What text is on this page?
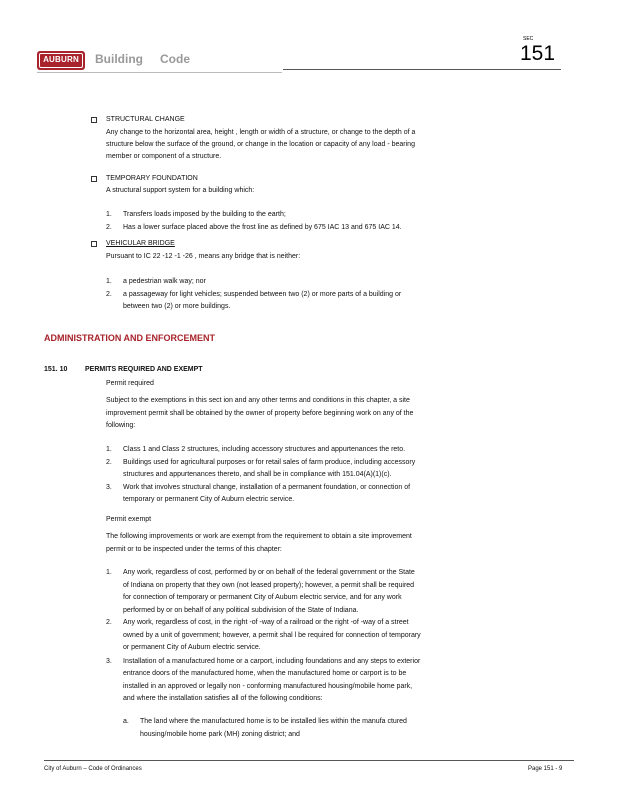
AUBURN	Building Code
SEC
151
STRUCTURAL CHANGE
Any change to the horizontal area, height , length or width of a structure, or change to the depth of a
structure below the surface of the ground, or change in the location or capacity of any load - bearing
member or component of a structure.
TEMPORARY FOUNDATION
A structural support system for a building which:
1. Transfers loads imposed by the building to the earth;
2. Has a lower surface placed above the frost line as defined by 675 IAC 13 and 675 IAC 14.
VEHICULAR BRIDGE
Pursuant to IC 22 -12 -1 -26 , means any bridge that is neither:
1. a pedestrian walk way; nor
2. a passageway for light vehicles; suspended between two (2) or more parts of a building or
between two (2) or more buildings.
ADMINISTRATION AND ENFORCEMENT
151. 10	PERMITS REQUIRED AND EXEMPT
Permit required
Subject to the exemptions in this sect ion and any other terms and conditions in this chapter, a site
improvement permit shall be obtained by the owner of property before beginning work on any of the
following:
1. Class 1 and Class 2 structures, including accessory structures and appurtenances the reto.
2. Buildings used for agricultural purposes or for retail sales of farm produce, including accessory
structures and appurtenances thereto, and shall be in compliance with 151.04(A)(1)(c).
3. Work that involves structural change, installation of a permanent foundation, or connection of
temporary or permanent City of Auburn electric service.
Permit exempt
The following improvements or work are exempt from the requirement to obtain a site improvement
permit or to be inspected under the terms of this chapter:
1. Any work, regardless of cost, performed by or on behalf of the federal government or the State
of Indiana on property that they own (not leased property); however, a permit shall be required
for connection of temporary or permanent City of Auburn electric service, and for any work
performed by or on behalf of any political subdivision of the State of Indiana.
2. Any work, regardless of cost, in the right -of -way of a railroad or the right -of -way of a street
owned by a unit of government; however, a permit shal l be required for connection of temporary
or permanent City of Auburn electric service.
3. Installation of a manufactured home or a carport, including foundations and any steps to exterior
entrance doors of the manufactured home, when the manufactured home or carport is to be
installed in an approved or legally non - conforming manufactured housing/mobile home park,
and where the installation satisfies all of the following conditions:
a. The land where the manufactured home is to be installed lies within the manufa ctured
housing/mobile home park (MH) zoning district; and
City of Auburn – Code of Ordinances	Page 151 - 9
